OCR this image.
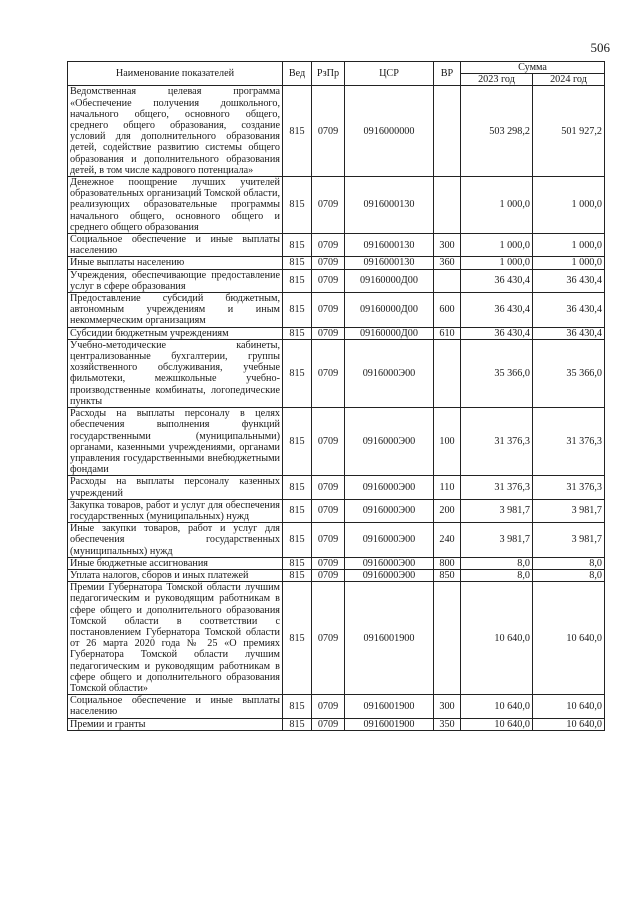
506
Наименование показателей	Вед	РзПр	ЦСР	ВР	Сумма	
					2023 год	2024 год
Ведомственная целевая программа «Обеспечение получения дошкольного, начального общего, основного общего, среднего общего образования, создание условий для дополнительного образования детей, содействие развитию системы общего образования и дополнительного образования детей, в том числе кадрового потенциала»	815	0709	0916000000		503 298,2	501 927,2
Денежное поощрение лучших учителей образовательных организаций Томской области, реализующих образовательные программы начального общего, основного общего и среднего общего образования	815	0709	0916000130		1 000,0	1 000,0
Социальное обеспечение и иные выплаты населению	815	0709	0916000130	300	1 000,0	1 000,0
Иные выплаты населению	815	0709	0916000130	360	1 000,0	1 000,0
Учреждения, обеспечивающие предоставление услуг в сфере образования	815	0709	09160000Д00		36 430,4	36 430,4
Предоставление субсидий бюджетным, автономным учреждениям и иным некоммерческим организациям	815	0709	09160000Д00	600	36 430,4	36 430,4
Субсидии бюджетным учреждениям	815	0709	09160000Д00	610	36 430,4	36 430,4
Учебно-методические кабинеты, централизованные бухгалтерии, группы хозяйственного обслуживания, учебные фильмотеки, межшкольные учебно-производственные комбинаты, логопедические пункты	815	0709	0916000Э00		35 366,0	35 366,0
Расходы на выплаты персоналу в целях обеспечения выполнения функций государственными (муниципальными) органами, казенными учреждениями, органами управления государственными внебюджетными фондами	815	0709	0916000Э00	100	31 376,3	31 376,3
Расходы на выплаты персоналу казенных учреждений	815	0709	0916000Э00	110	31 376,3	31 376,3
Закупка товаров, работ и услуг для обеспечения государственных (муниципальных) нужд	815	0709	0916000Э00	200	3 981,7	3 981,7
Иные закупки товаров, работ и услуг для обеспечения государственных (муниципальных) нужд	815	0709	0916000Э00	240	3 981,7	3 981,7
Иные бюджетные ассигнования	815	0709	0916000Э00	800	8,0	8,0
Уплата налогов, сборов и иных платежей	815	0709	0916000Э00	850	8,0	8,0
Премии Губернатора Томской области лучшим педагогическим и руководящим работникам в сфере общего и дополнительного образования Томской области в соответствии с постановлением Губернатора Томской области от 26 марта 2020 года № 25 «О премиях Губернатора Томской области лучшим педагогическим и руководящим работникам в сфере общего и дополнительного образования Томской области»	815	0709	0916001900		10 640,0	10 640,0
Социальное обеспечение и иные выплаты населению	815	0709	0916001900	300	10 640,0	10 640,0
Премии и гранты	815	0709	0916001900	350	10 640,0	10 640,0
